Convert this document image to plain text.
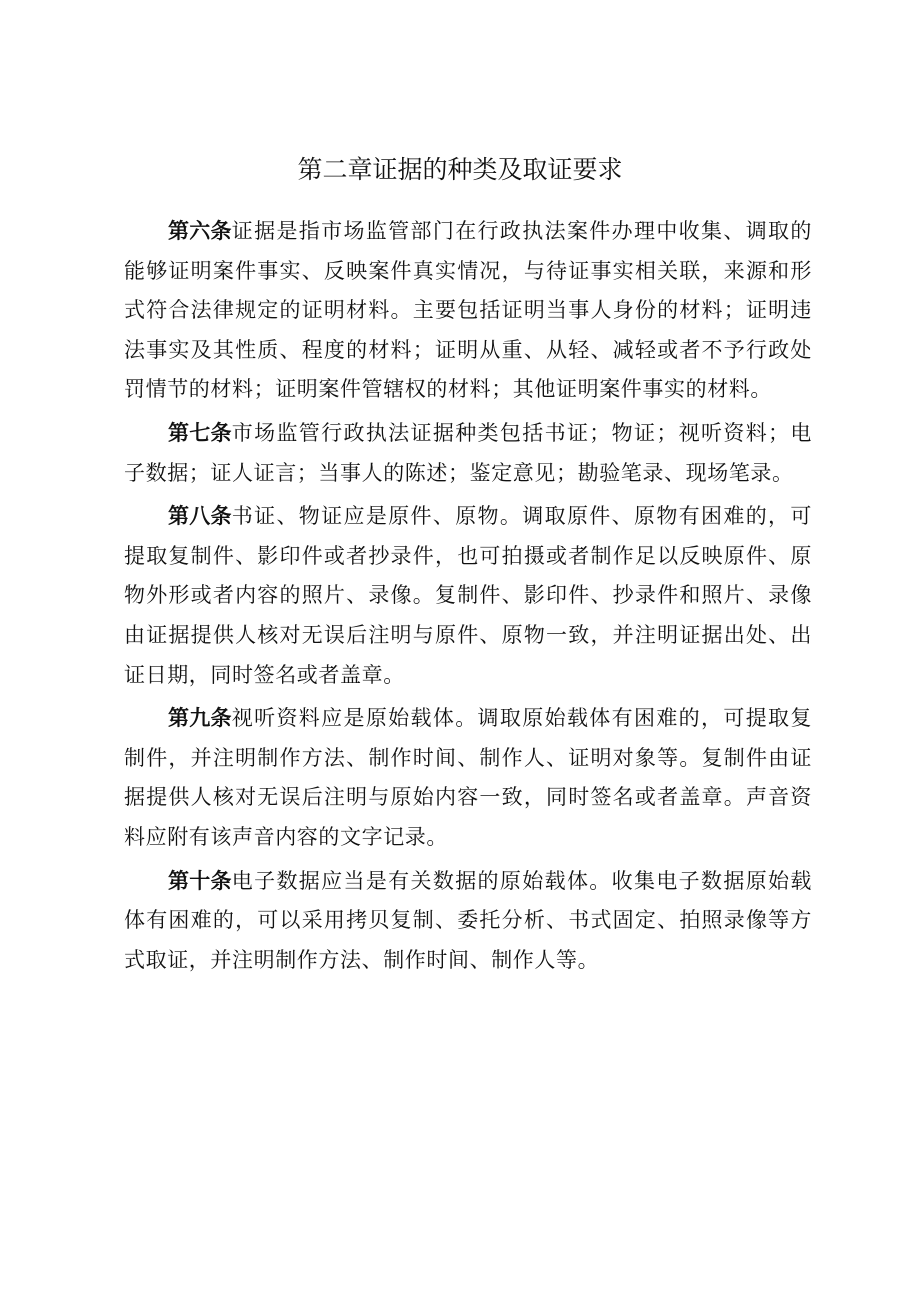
第二章证据的种类及取证要求

第六条证据是指市场监管部门在行政执法案件办理中收集、调取的能够证明案件事实、反映案件真实情况，与待证事实相关联，来源和形式符合法律规定的证明材料。主要包括证明当事人身份的材料；证明违法事实及其性质、程度的材料；证明从重、从轻、减轻或者不予行政处罚情节的材料；证明案件管辖权的材料；其他证明案件事实的材料。

第七条市场监管行政执法证据种类包括书证；物证；视听资料；电子数据；证人证言；当事人的陈述；鉴定意见；勘验笔录、现场笔录。

第八条书证、物证应是原件、原物。调取原件、原物有困难的，可提取复制件、影印件或者抄录件，也可拍摄或者制作足以反映原件、原物外形或者内容的照片、录像。复制件、影印件、抄录件和照片、录像由证据提供人核对无误后注明与原件、原物一致，并注明证据出处、出证日期，同时签名或者盖章。

第九条视听资料应是原始载体。调取原始载体有困难的，可提取复制件，并注明制作方法、制作时间、制作人、证明对象等。复制件由证据提供人核对无误后注明与原始内容一致，同时签名或者盖章。声音资料应附有该声音内容的文字记录。

第十条电子数据应当是有关数据的原始载体。收集电子数据原始载体有困难的，可以采用拷贝复制、委托分析、书式固定、拍照录像等方式取证，并注明制作方法、制作时间、制作人等。
